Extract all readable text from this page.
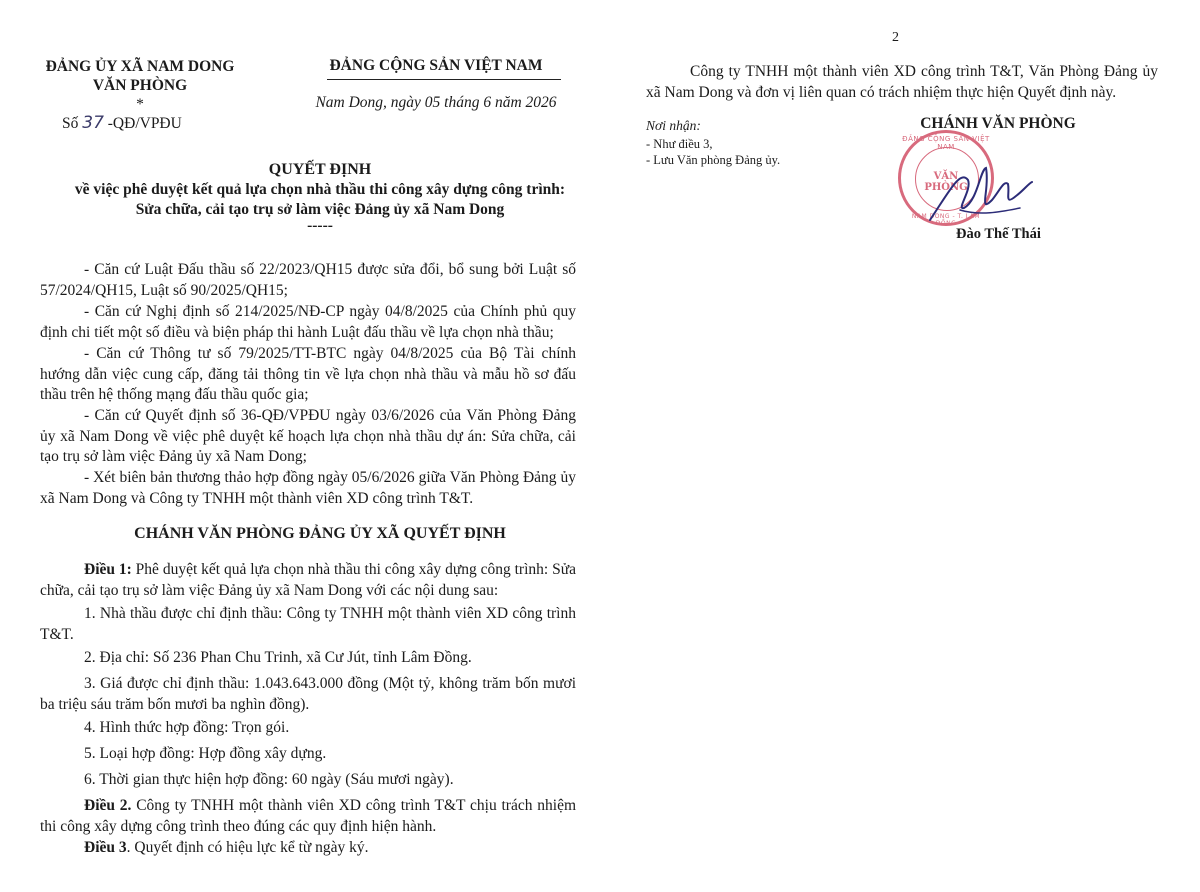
ĐẢNG ỦY XÃ NAM DONG
VĂN PHÒNG
*
Số 37 -QĐ/VPĐU
ĐẢNG CỘNG SẢN VIỆT NAM
Nam Dong, ngày 05 tháng 6 năm 2026
QUYẾT ĐỊNH
về việc phê duyệt kết quả lựa chọn nhà thầu thi công xây dựng công trình:
Sửa chữa, cải tạo trụ sở làm việc Đảng ủy xã Nam Dong
-----
- Căn cứ Luật Đấu thầu số 22/2023/QH15 được sửa đổi, bổ sung bởi Luật số 57/2024/QH15, Luật số 90/2025/QH15;
- Căn cứ Nghị định số 214/2025/NĐ-CP ngày 04/8/2025 của Chính phủ quy định chi tiết một số điều và biện pháp thi hành Luật đấu thầu về lựa chọn nhà thầu;
- Căn cứ Thông tư số 79/2025/TT-BTC ngày 04/8/2025 của Bộ Tài chính hướng dẫn việc cung cấp, đăng tải thông tin về lựa chọn nhà thầu và mẫu hồ sơ đấu thầu trên hệ thống mạng đấu thầu quốc gia;
- Căn cứ Quyết định số 36-QĐ/VPĐU ngày 03/6/2026 của Văn Phòng Đảng ủy xã Nam Dong về việc phê duyệt kế hoạch lựa chọn nhà thầu dự án: Sửa chữa, cải tạo trụ sở làm việc Đảng ủy xã Nam Dong;
- Xét biên bản thương thảo hợp đồng ngày 05/6/2026 giữa Văn Phòng Đảng ủy xã Nam Dong và Công ty TNHH một thành viên XD công trình T&T.
CHÁNH VĂN PHÒNG ĐẢNG ỦY XÃ QUYẾT ĐỊNH
Điều 1: Phê duyệt kết quả lựa chọn nhà thầu thi công xây dựng công trình: Sửa chữa, cải tạo trụ sở làm việc Đảng ủy xã Nam Dong với các nội dung sau:
1. Nhà thầu được chỉ định thầu: Công ty TNHH một thành viên XD công trình T&T.
2. Địa chỉ: Số 236 Phan Chu Trinh, xã Cư Jút, tỉnh Lâm Đồng.
3. Giá được chỉ định thầu: 1.043.643.000 đồng (Một tỷ, không trăm bốn mươi ba triệu sáu trăm bốn mươi ba nghìn đồng).
4. Hình thức hợp đồng: Trọn gói.
5. Loại hợp đồng: Hợp đồng xây dựng.
6. Thời gian thực hiện hợp đồng: 60 ngày (Sáu mươi ngày).
Điều 2. Công ty TNHH một thành viên XD công trình T&T chịu trách nhiệm thi công xây dựng công trình theo đúng các quy định hiện hành.
Điều 3. Quyết định có hiệu lực kể từ ngày ký.
2
Công ty TNHH một thành viên XD công trình T&T, Văn Phòng Đảng ủy xã Nam Dong và đơn vị liên quan có trách nhiệm thực hiện Quyết định này.
Nơi nhận:
- Như điều 3,
- Lưu Văn phòng Đảng ủy.
CHÁNH VĂN PHÒNG
ĐẢNG CỘNG SẢN VIỆT NAM
VĂN PHÒNG
NAM DONG - T. LÂM ĐỒNG
Đào Thế Thái
